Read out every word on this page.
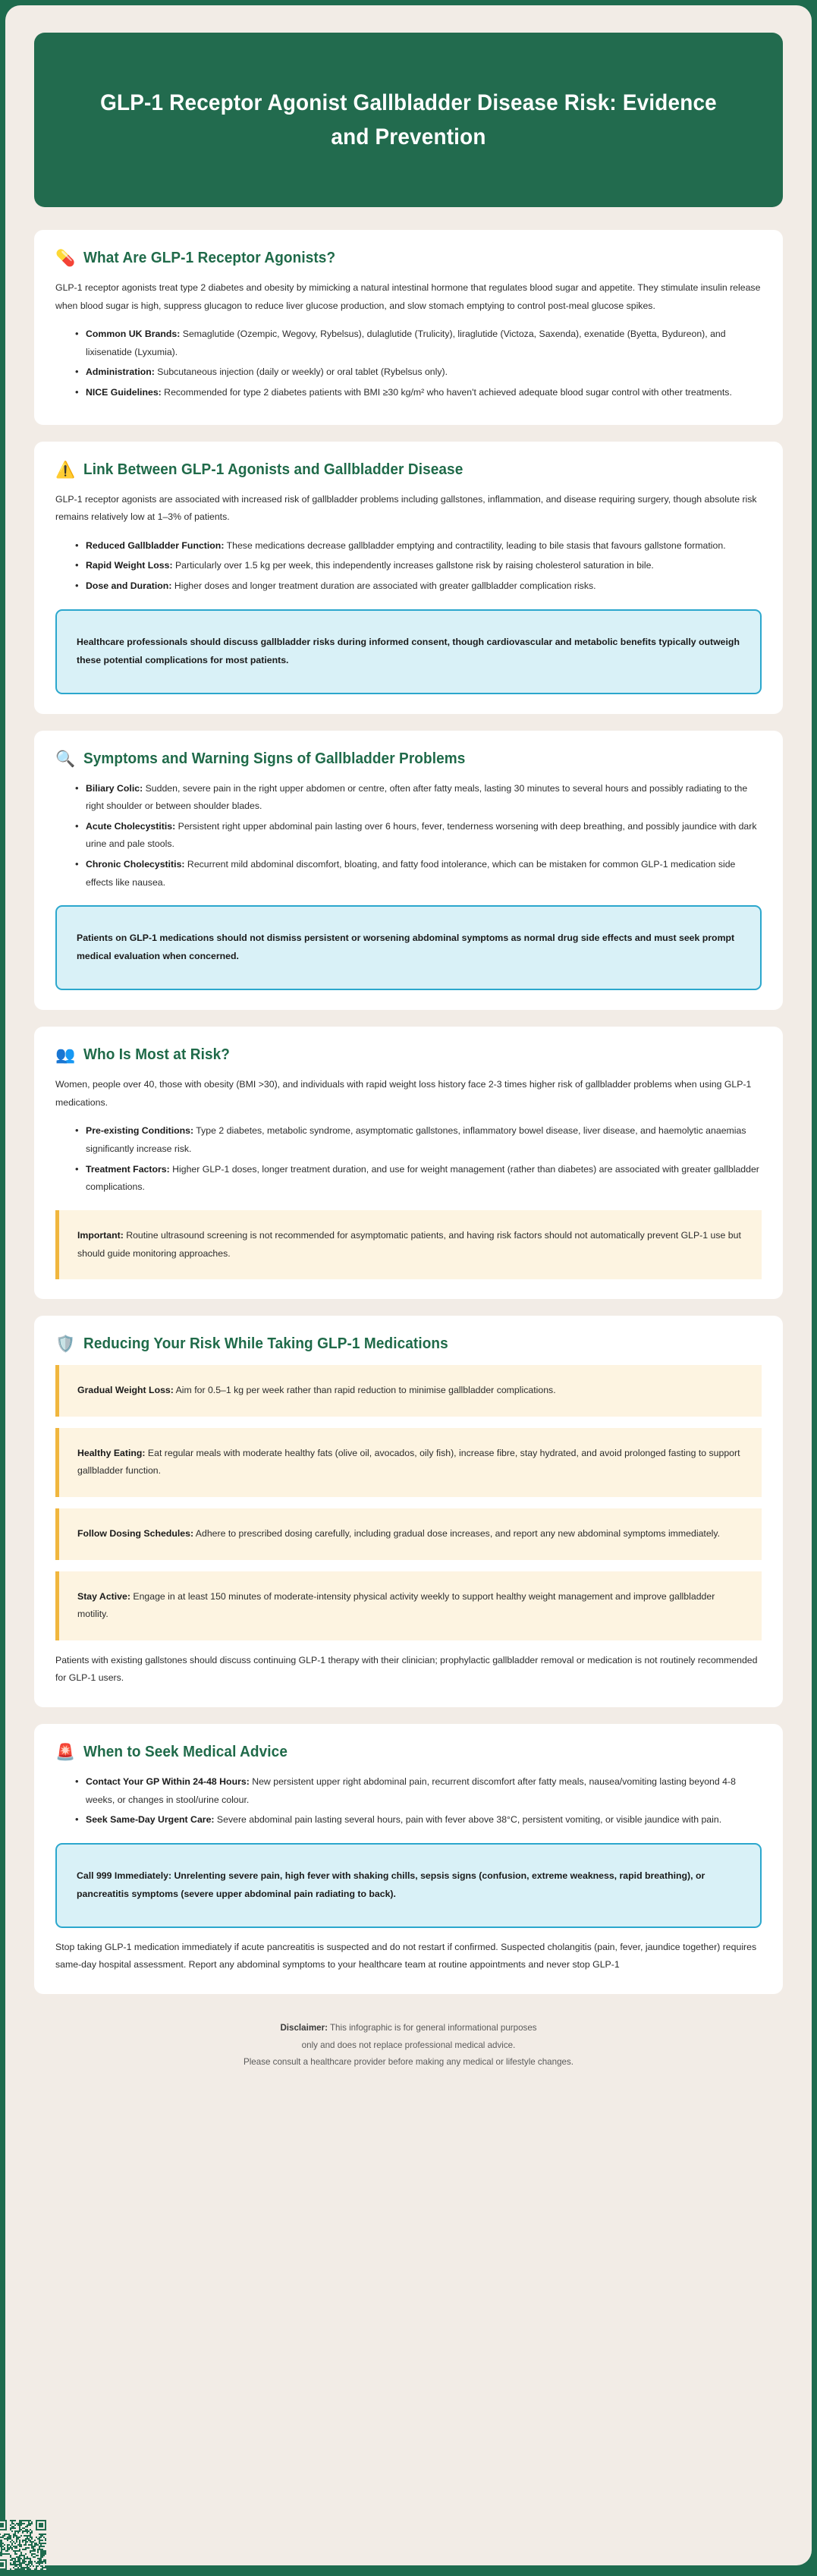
GLP-1 Receptor Agonist Gallbladder Disease Risk: Evidence and Prevention
💊 What Are GLP-1 Receptor Agonists?

GLP-1 receptor agonists treat type 2 diabetes and obesity by mimicking a natural intestinal hormone that regulates blood sugar and appetite. They stimulate insulin release when blood sugar is high, suppress glucagon to reduce liver glucose production, and slow stomach emptying to control post-meal glucose spikes.

• Common UK Brands: Semaglutide (Ozempic, Wegovy, Rybelsus), dulaglutide (Trulicity), liraglutide (Victoza, Saxenda), exenatide (Byetta, Bydureon), and lixisenatide (Lyxumia).
• Administration: Subcutaneous injection (daily or weekly) or oral tablet (Rybelsus only).
• NICE Guidelines: Recommended for type 2 diabetes patients with BMI ≥30 kg/m² who haven't achieved adequate blood sugar control with other treatments.
⚠️ Link Between GLP-1 Agonists and Gallbladder Disease

GLP-1 receptor agonists are associated with increased risk of gallbladder problems including gallstones, inflammation, and disease requiring surgery, though absolute risk remains relatively low at 1–3% of patients.

• Reduced Gallbladder Function: These medications decrease gallbladder emptying and contractility, leading to bile stasis that favours gallstone formation.
• Rapid Weight Loss: Particularly over 1.5 kg per week, this independently increases gallstone risk by raising cholesterol saturation in bile.
• Dose and Duration: Higher doses and longer treatment duration are associated with greater gallbladder complication risks.
Healthcare professionals should discuss gallbladder risks during informed consent, though cardiovascular and metabolic benefits typically outweigh these potential complications for most patients.
🔍 Symptoms and Warning Signs of Gallbladder Problems
• Biliary Colic: Sudden, severe pain in the right upper abdomen or centre, often after fatty meals, lasting 30 minutes to several hours and possibly radiating to the right shoulder or between shoulder blades.
• Acute Cholecystitis: Persistent right upper abdominal pain lasting over 6 hours, fever, tenderness worsening with deep breathing, and possibly jaundice with dark urine and pale stools.
• Chronic Cholecystitis: Recurrent mild abdominal discomfort, bloating, and fatty food intolerance, which can be mistaken for common GLP-1 medication side effects like nausea.
Patients on GLP-1 medications should not dismiss persistent or worsening abdominal symptoms as normal drug side effects and must seek prompt medical evaluation when concerned.
👥 Who Is Most at Risk?

Women, people over 40, those with obesity (BMI >30), and individuals with rapid weight loss history face 2-3 times higher risk of gallbladder problems when using GLP-1 medications.

• Pre-existing Conditions: Type 2 diabetes, metabolic syndrome, asymptomatic gallstones, inflammatory bowel disease, liver disease, and haemolytic anaemias significantly increase risk.
• Treatment Factors: Higher GLP-1 doses, longer treatment duration, and use for weight management (rather than diabetes) are associated with greater gallbladder complications.
Important: Routine ultrasound screening is not recommended for asymptomatic patients, and having risk factors should not automatically prevent GLP-1 use but should guide monitoring approaches.
🛡️ Reducing Your Risk While Taking GLP-1 Medications
Gradual Weight Loss: Aim for 0.5–1 kg per week rather than rapid reduction to minimise gallbladder complications.
Healthy Eating: Eat regular meals with moderate healthy fats (olive oil, avocados, oily fish), increase fibre, stay hydrated, and avoid prolonged fasting to support gallbladder function.
Follow Dosing Schedules: Adhere to prescribed dosing carefully, including gradual dose increases, and report any new abdominal symptoms immediately.
Stay Active: Engage in at least 150 minutes of moderate-intensity physical activity weekly to support healthy weight management and improve gallbladder motility.

Patients with existing gallstones should discuss continuing GLP-1 therapy with their clinician; prophylactic gallbladder removal or medication is not routinely recommended for GLP-1 users.

🚨 When to Seek Medical Advice
• Contact Your GP Within 24-48 Hours: New persistent upper right abdominal pain, recurrent discomfort after fatty meals, nausea/vomiting lasting beyond 4-8 weeks, or changes in stool/urine colour.
• Seek Same-Day Urgent Care: Severe abdominal pain lasting several hours, pain with fever above 38°C, persistent vomiting, or visible jaundice with pain.
Call 999 Immediately: Unrelenting severe pain, high fever with shaking chills, sepsis signs (confusion, extreme weakness, rapid breathing), or pancreatitis symptoms (severe upper abdominal pain radiating to back).

Stop taking GLP-1 medication immediately if acute pancreatitis is suspected and do not restart if confirmed. Suspected cholangitis (pain, fever, jaundice together) requires same-day hospital assessment. Report any abdominal symptoms to your healthcare team at routine appointments and never stop GLP-1

Disclaimer: This infographic is for general informational purposes
only and does not replace professional medical advice.
Please consult a healthcare provider before making any medical or lifestyle changes.
